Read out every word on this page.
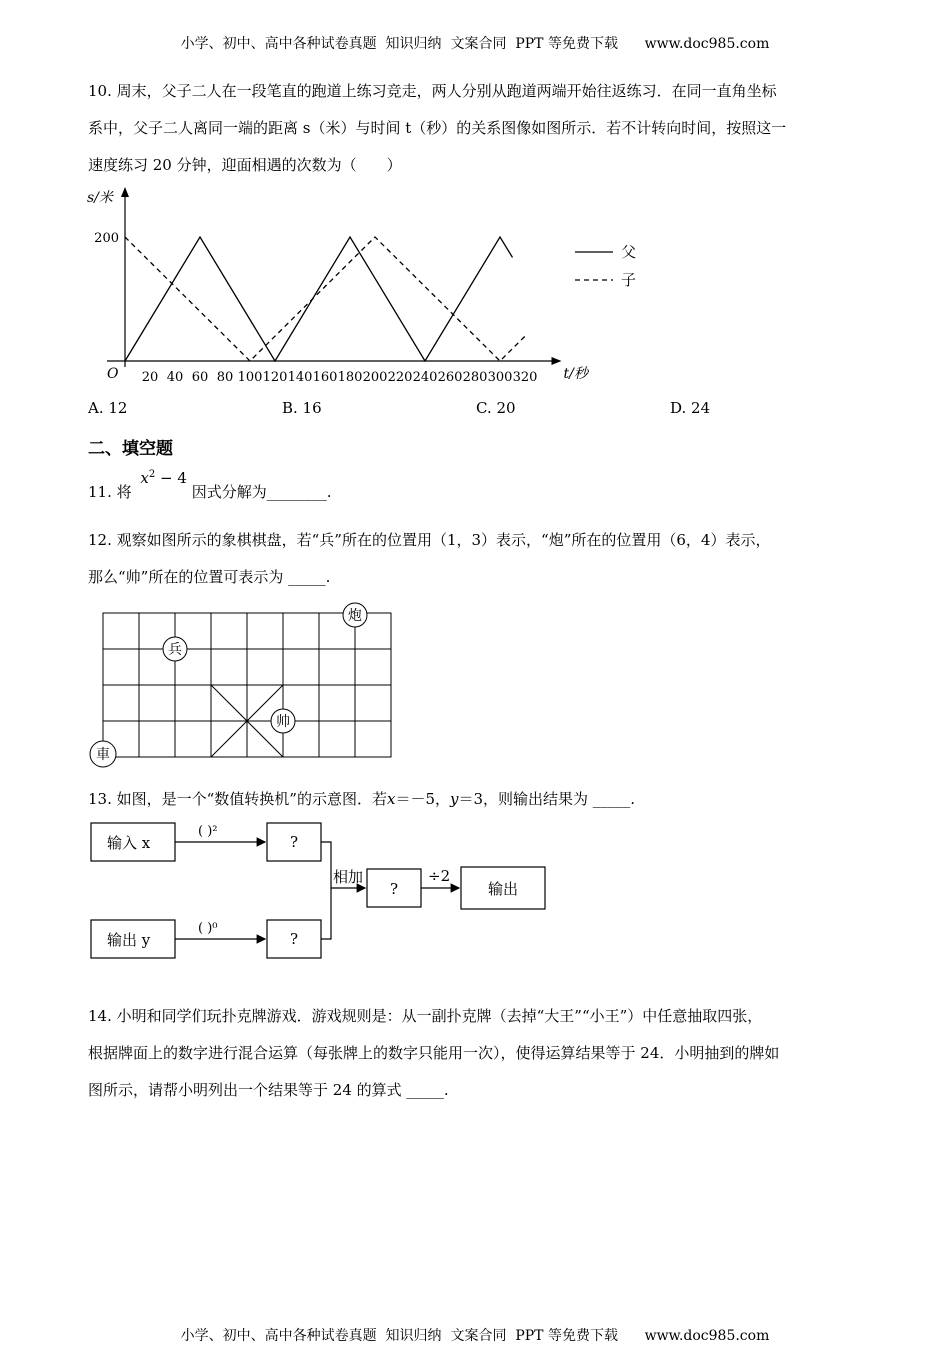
小学、初中、高中各种试卷真题  知识归纳  文案合同  PPT 等免费下载      www.doc985.com

10. 周末，父子二人在一段笔直的跑道上练习竞走，两人分别从跑道两端开始往返练习．在同一直角坐标

系中，父子二人离同一端的距离 s（米）与时间 t（秒）的关系图像如图所示．若不计转向时间，按照这一

速度练习 20 分钟，迎面相遇的次数为（　　）

s/米
t/秒
O
200
20 40 60 80 100 120 140 160 180 200 220 240 260 280 300 320
父
子
A. 12	B. 16	C. 20	D. 24
二、填空题
11. 将 $x^2 - 4$ 因式分解为________.

12. 观察如图所示的象棋棋盘，若“兵”所在的位置用（1，3）表示，“炮”所在的位置用（6，4）表示，

那么“帅”所在的位置可表示为 _____.

兵
炮
帅
車
13. 如图，是一个“数值转换机”的示意图．若x＝－5，y＝3，则输出结果为 _____.
输入 x
输出 y
( )²
( )⁰
?
?
相加
?
÷2
输出

14. 小明和同学们玩扑克牌游戏．游戏规则是：从一副扑克牌（去掉“大王”“小王”）中任意抽取四张，

根据牌面上的数字进行混合运算（每张牌上的数字只能用一次），使得运算结果等于 24．小明抽到的牌如

图所示，请帮小明列出一个结果等于 24 的算式 _____.

小学、初中、高中各种试卷真题  知识归纳  文案合同  PPT 等免费下载      www.doc985.com
